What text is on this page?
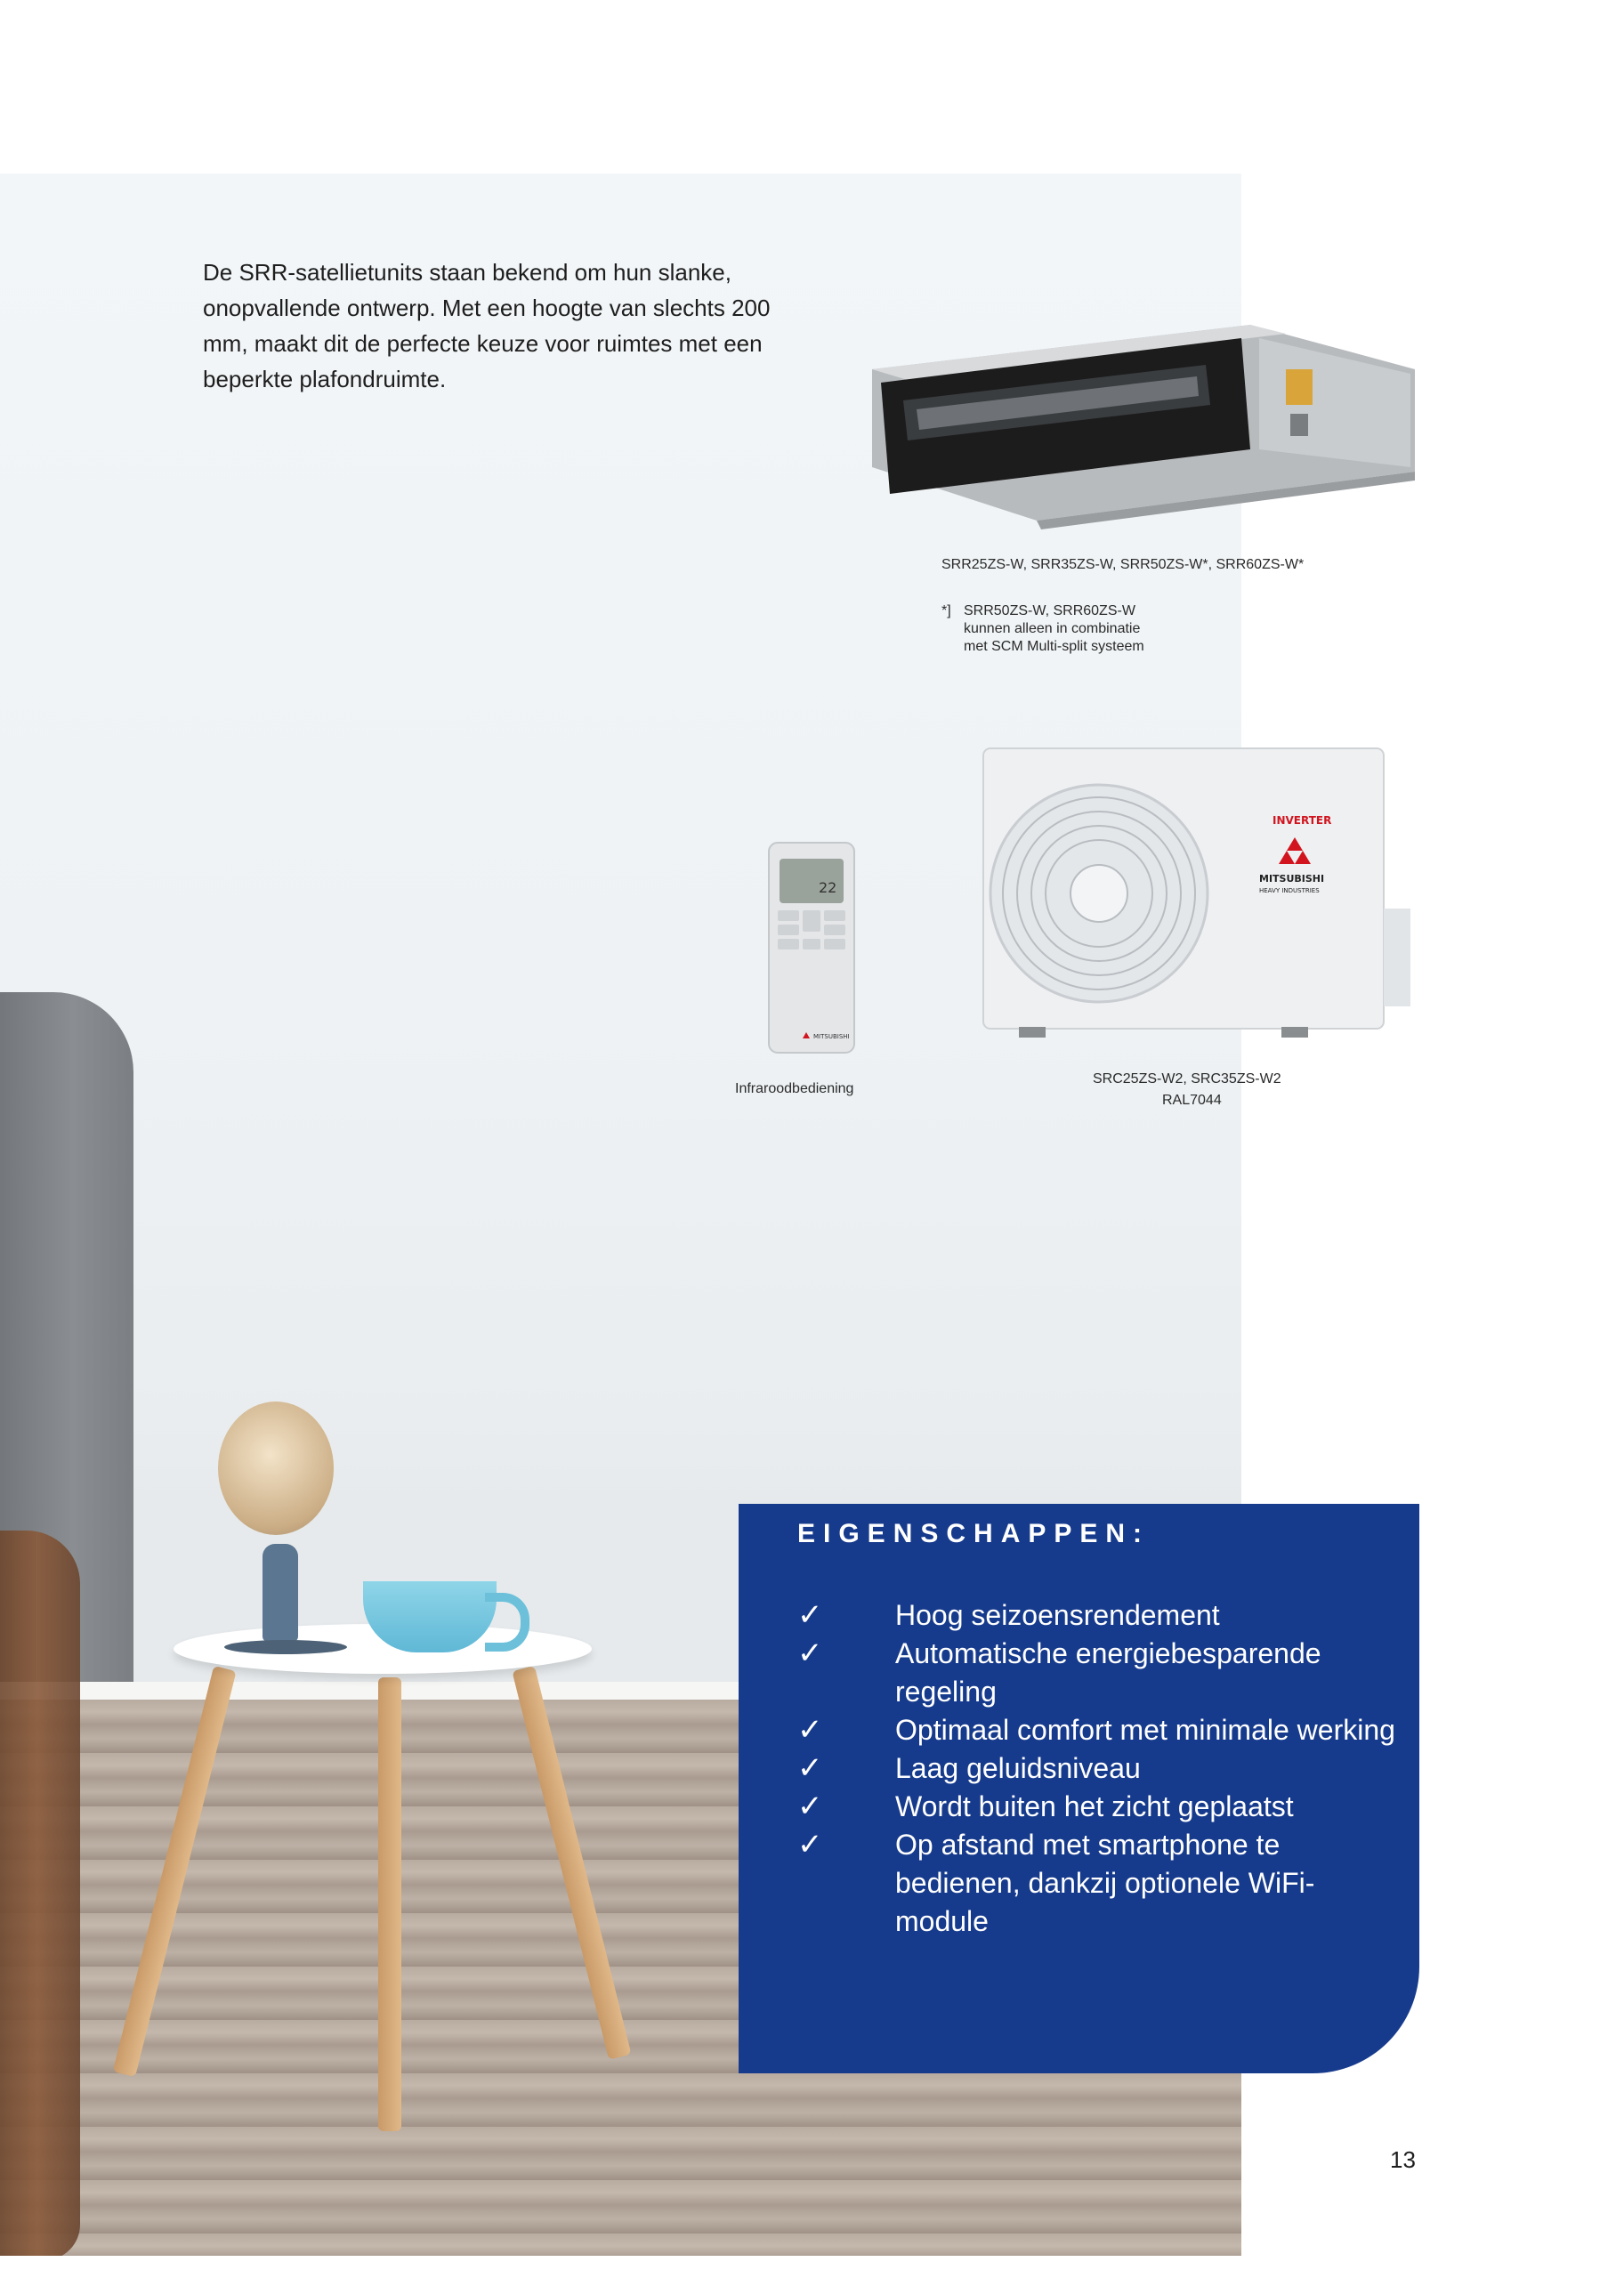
De SRR-satellietunits staan bekend om hun slanke, onopvallende ontwerp. Met een hoogte van slechts 200 mm, maakt dit de perfecte keuze voor ruimtes met een beperkte plafondruimte.

SRR25ZS-W, SRR35ZS-W, SRR50ZS-W*, SRR60ZS-W*
*] SRR50ZS-W, SRR60ZS-W
kunnen alleen in combinatie
met SCM Multi-split systeem
22
MITSUBISHI
Infraroodbediening
INVERTER
MITSUBISHI
HEAVY INDUSTRIES
SRC25ZS-W2, SRC35ZS-W2
RAL7044
EIGENSCHAPPEN:
✓	Hoog seizoensrendement
✓	Automatische energiebesparende regeling
✓	Optimaal comfort met minimale werking
✓	Laag geluidsniveau
✓	Wordt buiten het zicht geplaatst
✓	Op afstand met smartphone te bedienen, dankzij optionele WiFi-module
13
